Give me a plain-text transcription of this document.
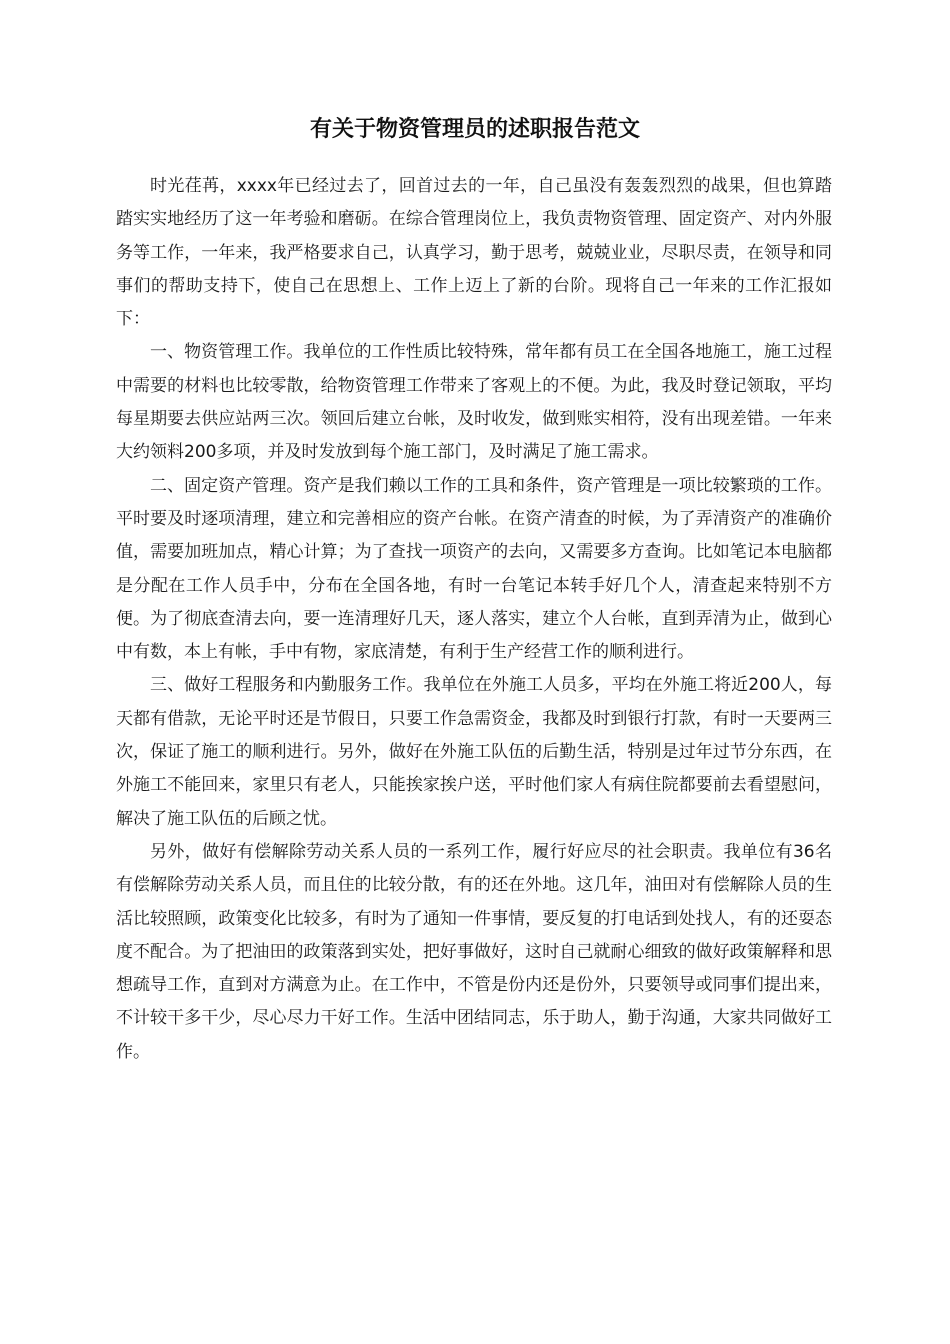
有关于物资管理员的述职报告范文

时光荏苒，xxxx年已经过去了，回首过去的一年，自己虽没有轰轰烈烈的战果，但也算踏踏实实地经历了这一年考验和磨砺。在综合管理岗位上，我负责物资管理、固定资产、对内外服务等工作，一年来，我严格要求自己，认真学习，勤于思考，兢兢业业，尽职尽责，在领导和同事们的帮助支持下，使自己在思想上、工作上迈上了新的台阶。现将自己一年来的工作汇报如下：

一、物资管理工作。我单位的工作性质比较特殊，常年都有员工在全国各地施工，施工过程中需要的材料也比较零散，给物资管理工作带来了客观上的不便。为此，我及时登记领取，平均每星期要去供应站两三次。领回后建立台帐，及时收发，做到账实相符，没有出现差错。一年来大约领料200多项，并及时发放到每个施工部门，及时满足了施工需求。

二、固定资产管理。资产是我们赖以工作的工具和条件，资产管理是一项比较繁琐的工作。平时要及时逐项清理，建立和完善相应的资产台帐。在资产清查的时候，为了弄清资产的准确价值，需要加班加点，精心计算；为了查找一项资产的去向，又需要多方查询。比如笔记本电脑都是分配在工作人员手中，分布在全国各地，有时一台笔记本转手好几个人，清查起来特别不方便。为了彻底查清去向，要一连清理好几天，逐人落实，建立个人台帐，直到弄清为止，做到心中有数，本上有帐，手中有物，家底清楚，有利于生产经营工作的顺利进行。

三、做好工程服务和内勤服务工作。我单位在外施工人员多，平均在外施工将近200人，每天都有借款，无论平时还是节假日，只要工作急需资金，我都及时到银行打款，有时一天要两三次，保证了施工的顺利进行。另外，做好在外施工队伍的后勤生活，特别是过年过节分东西，在外施工不能回来，家里只有老人，只能挨家挨户送，平时他们家人有病住院都要前去看望慰问，解决了施工队伍的后顾之忧。

另外，做好有偿解除劳动关系人员的一系列工作，履行好应尽的社会职责。我单位有36名有偿解除劳动关系人员，而且住的比较分散，有的还在外地。这几年，油田对有偿解除人员的生活比较照顾，政策变化比较多，有时为了通知一件事情，要反复的打电话到处找人，有的还耍态度不配合。为了把油田的政策落到实处，把好事做好，这时自己就耐心细致的做好政策解释和思想疏导工作，直到对方满意为止。在工作中，不管是份内还是份外，只要领导或同事们提出来，不计较干多干少，尽心尽力干好工作。生活中团结同志，乐于助人，勤于沟通，大家共同做好工作。
